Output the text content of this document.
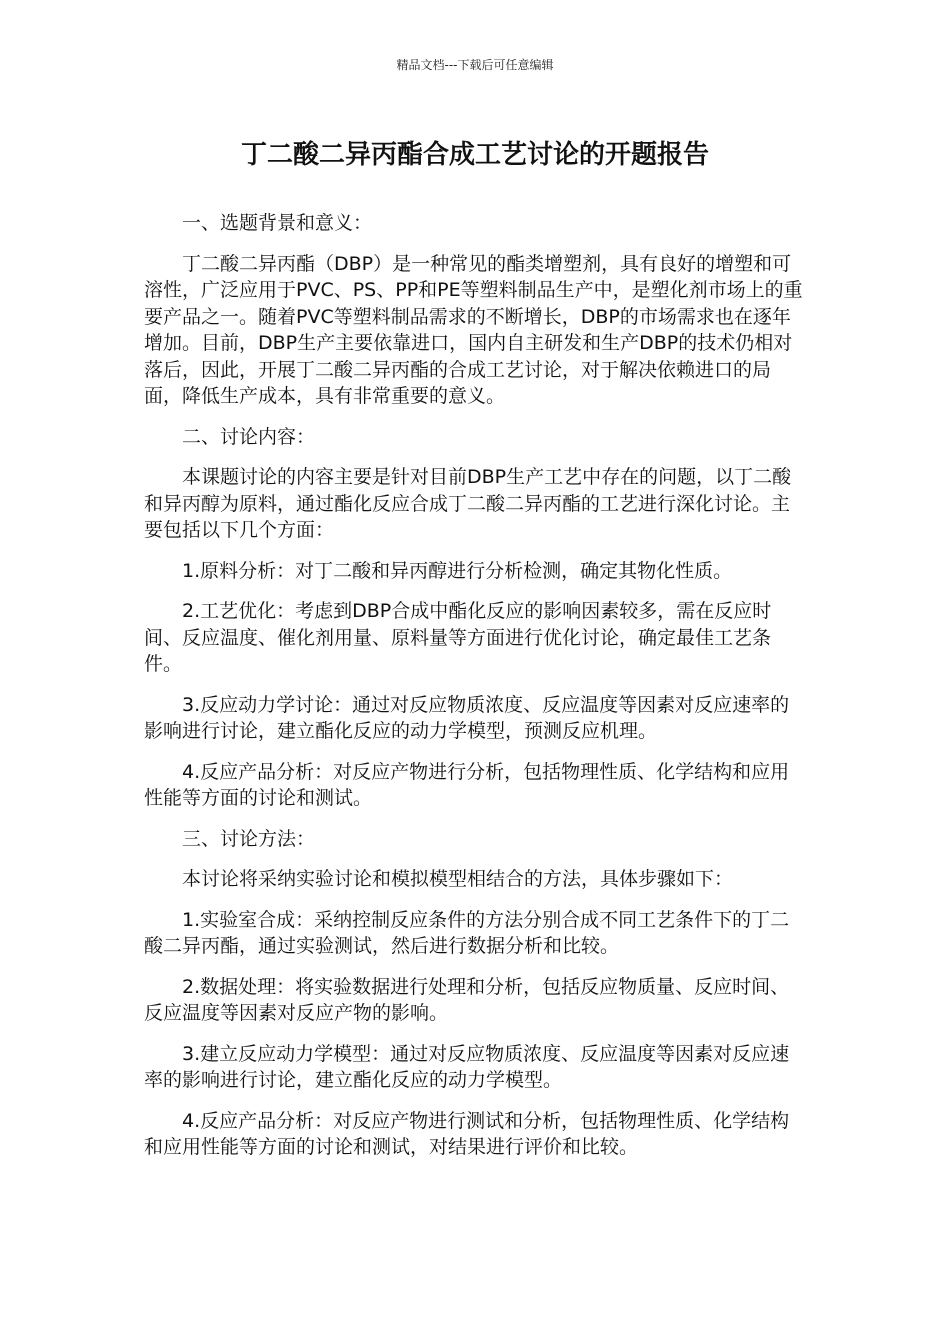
精品文档---下载后可任意编辑
丁二酸二异丙酯合成工艺讨论的开题报告

一、选题背景和意义：

丁二酸二异丙酯（DBP）是一种常见的酯类增塑剂，具有良好的增塑和可溶性，广泛应用于PVC、PS、PP和PE等塑料制品生产中，是塑化剂市场上的重要产品之一。随着PVC等塑料制品需求的不断增长，DBP的市场需求也在逐年增加。目前，DBP生产主要依靠进口，国内自主研发和生产DBP的技术仍相对落后，因此，开展丁二酸二异丙酯的合成工艺讨论，对于解决依赖进口的局面，降低生产成本，具有非常重要的意义。

二、讨论内容：

本课题讨论的内容主要是针对目前DBP生产工艺中存在的问题，以丁二酸和异丙醇为原料，通过酯化反应合成丁二酸二异丙酯的工艺进行深化讨论。主要包括以下几个方面：

1.原料分析：对丁二酸和异丙醇进行分析检测，确定其物化性质。

2.工艺优化：考虑到DBP合成中酯化反应的影响因素较多，需在反应时间、反应温度、催化剂用量、原料量等方面进行优化讨论，确定最佳工艺条件。

3.反应动力学讨论：通过对反应物质浓度、反应温度等因素对反应速率的影响进行讨论，建立酯化反应的动力学模型，预测反应机理。

4.反应产品分析：对反应产物进行分析，包括物理性质、化学结构和应用性能等方面的讨论和测试。

三、讨论方法：

本讨论将采纳实验讨论和模拟模型相结合的方法，具体步骤如下：

1.实验室合成：采纳控制反应条件的方法分别合成不同工艺条件下的丁二酸二异丙酯，通过实验测试，然后进行数据分析和比较。

2.数据处理：将实验数据进行处理和分析，包括反应物质量、反应时间、反应温度等因素对反应产物的影响。

3.建立反应动力学模型：通过对反应物质浓度、反应温度等因素对反应速率的影响进行讨论，建立酯化反应的动力学模型。

4.反应产品分析：对反应产物进行测试和分析，包括物理性质、化学结构和应用性能等方面的讨论和测试，对结果进行评价和比较。
